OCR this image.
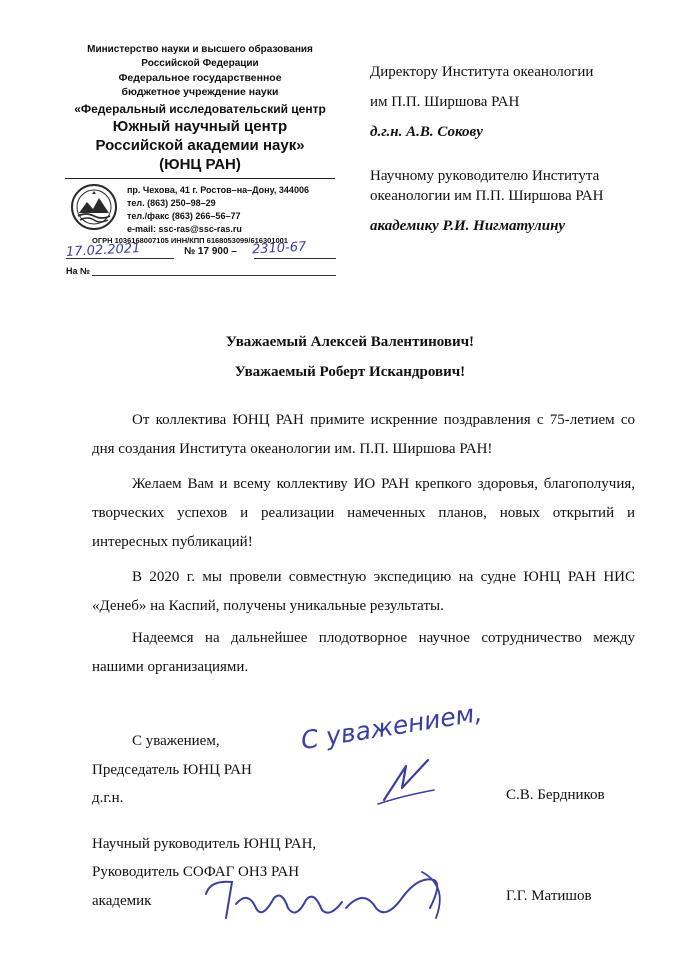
Министерство науки и высшего образования
Российской Федерации
Федеральное государственное
бюджетное учреждение науки
«Федеральный исследовательский центр
Южный научный центр
Российской академии наук»
(ЮНЦ РАН)
пр. Чехова, 41 г. Ростов–на–Дону, 344006
тел. (863) 250–98–29
тел./факс (863) 266–56–77
e-mail: ssc-ras@ssc-ras.ru
ОГРН 1036168007105 ИНН/КПП 6168053099/616301001
17.02.2021	№ 17 900 – 2310-67
На №
Директору Института океанологии
им П.П. Ширшова РАН
д.г.н. А.В. Сокову
Научному руководителю Института
океанологии им П.П. Ширшова РАН
академику Р.И. Нигматулину
Уважаемый Алексей Валентинович!
Уважаемый Роберт Искандрович!
От коллектива ЮНЦ РАН примите искренние поздравления с 75-летием со дня создания Института океанологии им. П.П. Ширшова РАН!
Желаем Вам и всему коллективу ИО РАН крепкого здоровья, благополучия, творческих успехов и реализации намеченных планов, новых открытий и интересных публикаций!
В 2020 г. мы провели совместную экспедицию на судне ЮНЦ РАН НИС «Денеб» на Каспий, получены уникальные результаты.
Надеемся на дальнейшее плодотворное научное сотрудничество между нашими организациями.
С уважением,
Председатель ЮНЦ РАН
д.г.н.	С.В. Бердников
С уважением,
Научный руководитель ЮНЦ РАН,
Руководитель СОФАГ ОНЗ РАН
академик	Г.Г. Матишов
